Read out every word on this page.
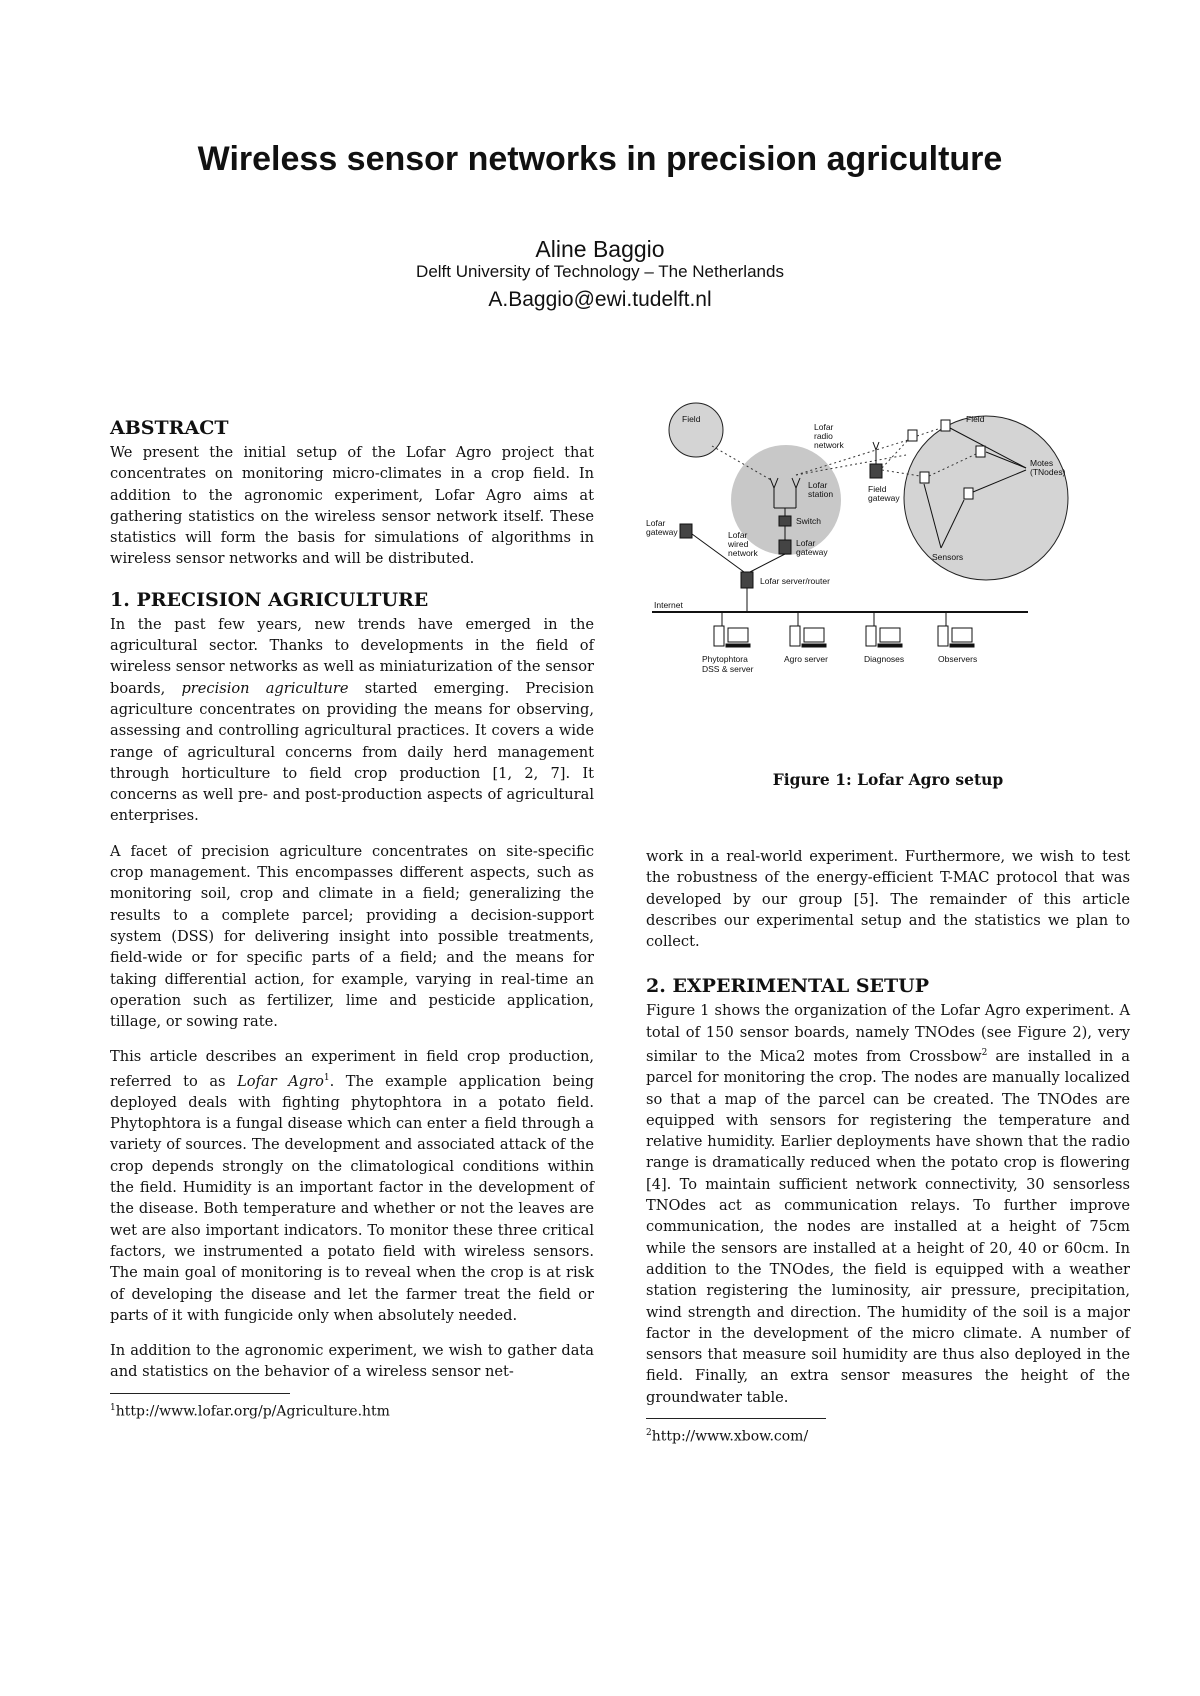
Wireless sensor networks in precision agriculture
Aline Baggio
Delft University of Technology – The Netherlands
A.Baggio@ewi.tudelft.nl
ABSTRACT

We present the initial setup of the Lofar Agro project that concentrates on monitoring micro-climates in a crop field. In addition to the agronomic experiment, Lofar Agro aims at gathering statistics on the wireless sensor network itself. These statistics will form the basis for simulations of algorithms in wireless sensor networks and will be distributed.

1. PRECISION AGRICULTURE

In the past few years, new trends have emerged in the agricultural sector. Thanks to developments in the field of wireless sensor networks as well as miniaturization of the sensor boards, precision agriculture started emerging. Precision agriculture concentrates on providing the means for observing, assessing and controlling agricultural practices. It covers a wide range of agricultural concerns from daily herd management through horticulture to field crop production [1, 2, 7]. It concerns as well pre- and post-production aspects of agricultural enterprises.

A facet of precision agriculture concentrates on site-specific crop management. This encompasses different aspects, such as monitoring soil, crop and climate in a field; generalizing the results to a complete parcel; providing a decision-support system (DSS) for delivering insight into possible treatments, field-wide or for specific parts of a field; and the means for taking differential action, for example, varying in real-time an operation such as fertilizer, lime and pesticide application, tillage, or sowing rate.

This article describes an experiment in field crop production, referred to as Lofar Agro$^1$. The example application being deployed deals with fighting phytophtora in a potato field. Phytophtora is a fungal disease which can enter a field through a variety of sources. The development and associated attack of the crop depends strongly on the climatological conditions within the field. Humidity is an important factor in the development of the disease. Both temperature and whether or not the leaves are wet are also important indicators. To monitor these three critical factors, we instrumented a potato field with wireless sensors. The main goal of monitoring is to reveal when the crop is at risk of developing the disease and let the farmer treat the field or parts of it with fungicide only when absolutely needed.

In addition to the agronomic experiment, we wish to gather data and statistics on the behavior of a wireless sensor net-

$^1$http://www.lofar.org/p/Agriculture.htm
Field	Field
Lofar station
Switch
Lofar gateway
Lofar radio network
Field gateway
Motes (TNodes)
Sensors
Lofar gateway	Lofar wired network
Lofar server/router
Internet
Phytophtora DSS & server
Agro server	Diagnoses	Observers
Figure 1: Lofar Agro setup

work in a real-world experiment. Furthermore, we wish to test the robustness of the energy-efficient T-MAC protocol that was developed by our group [5]. The remainder of this article describes our experimental setup and the statistics we plan to collect.

2. EXPERIMENTAL SETUP

Figure 1 shows the organization of the Lofar Agro experiment. A total of 150 sensor boards, namely TNOdes (see Figure 2), very similar to the Mica2 motes from Crossbow$^2$ are installed in a parcel for monitoring the crop. The nodes are manually localized so that a map of the parcel can be created. The TNOdes are equipped with sensors for registering the temperature and relative humidity. Earlier deployments have shown that the radio range is dramatically reduced when the potato crop is flowering [4]. To maintain sufficient network connectivity, 30 sensorless TNOdes act as communication relays. To further improve communication, the nodes are installed at a height of 75cm while the sensors are installed at a height of 20, 40 or 60cm. In addition to the TNOdes, the field is equipped with a weather station registering the luminosity, air pressure, precipitation, wind strength and direction. The humidity of the soil is a major factor in the development of the micro climate. A number of sensors that measure soil humidity are thus also deployed in the field. Finally, an extra sensor measures the height of the groundwater table.

$^2$http://www.xbow.com/
